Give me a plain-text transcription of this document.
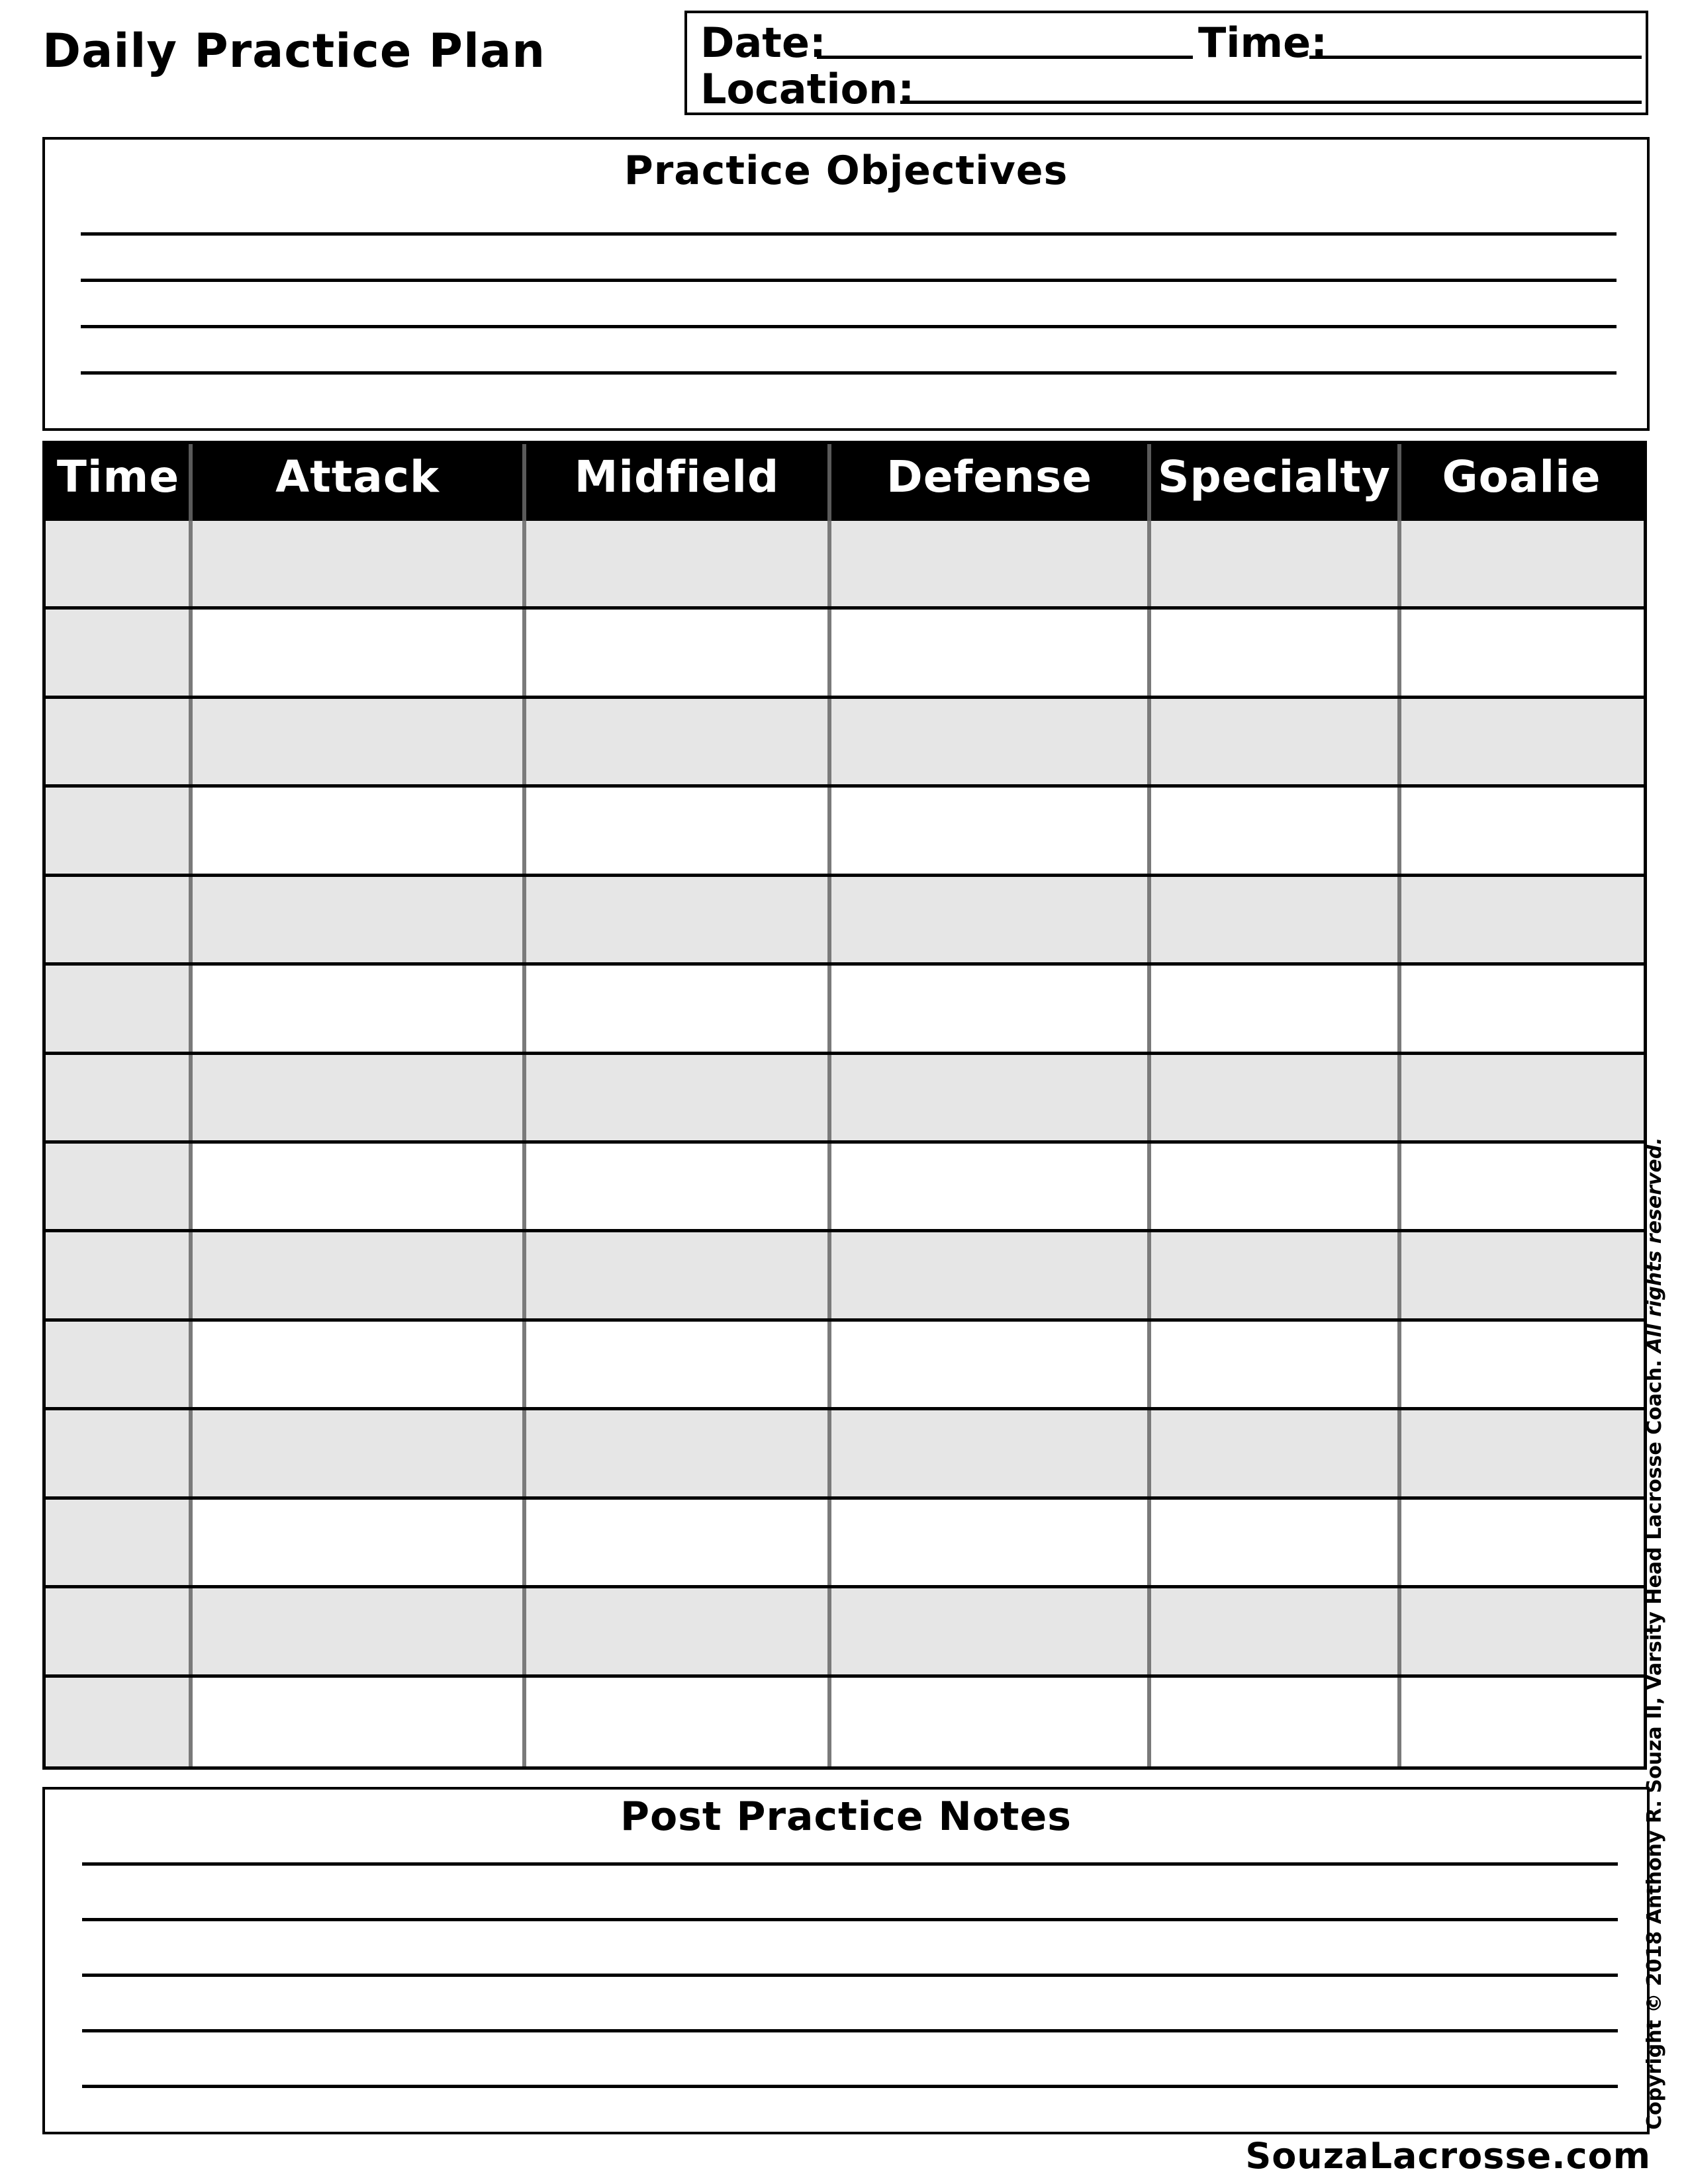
Daily Practice Plan	Date:	Time:
Location:
Practice Objectives
Time	Attack	Midfield	Defense	Specialty	Goalie
Post Practice Notes	Copyright © 2018 Anthony R. Souza II, Varsity Head Lacrosse Coach. All rights reserved.
SouzaLacrosse.com
